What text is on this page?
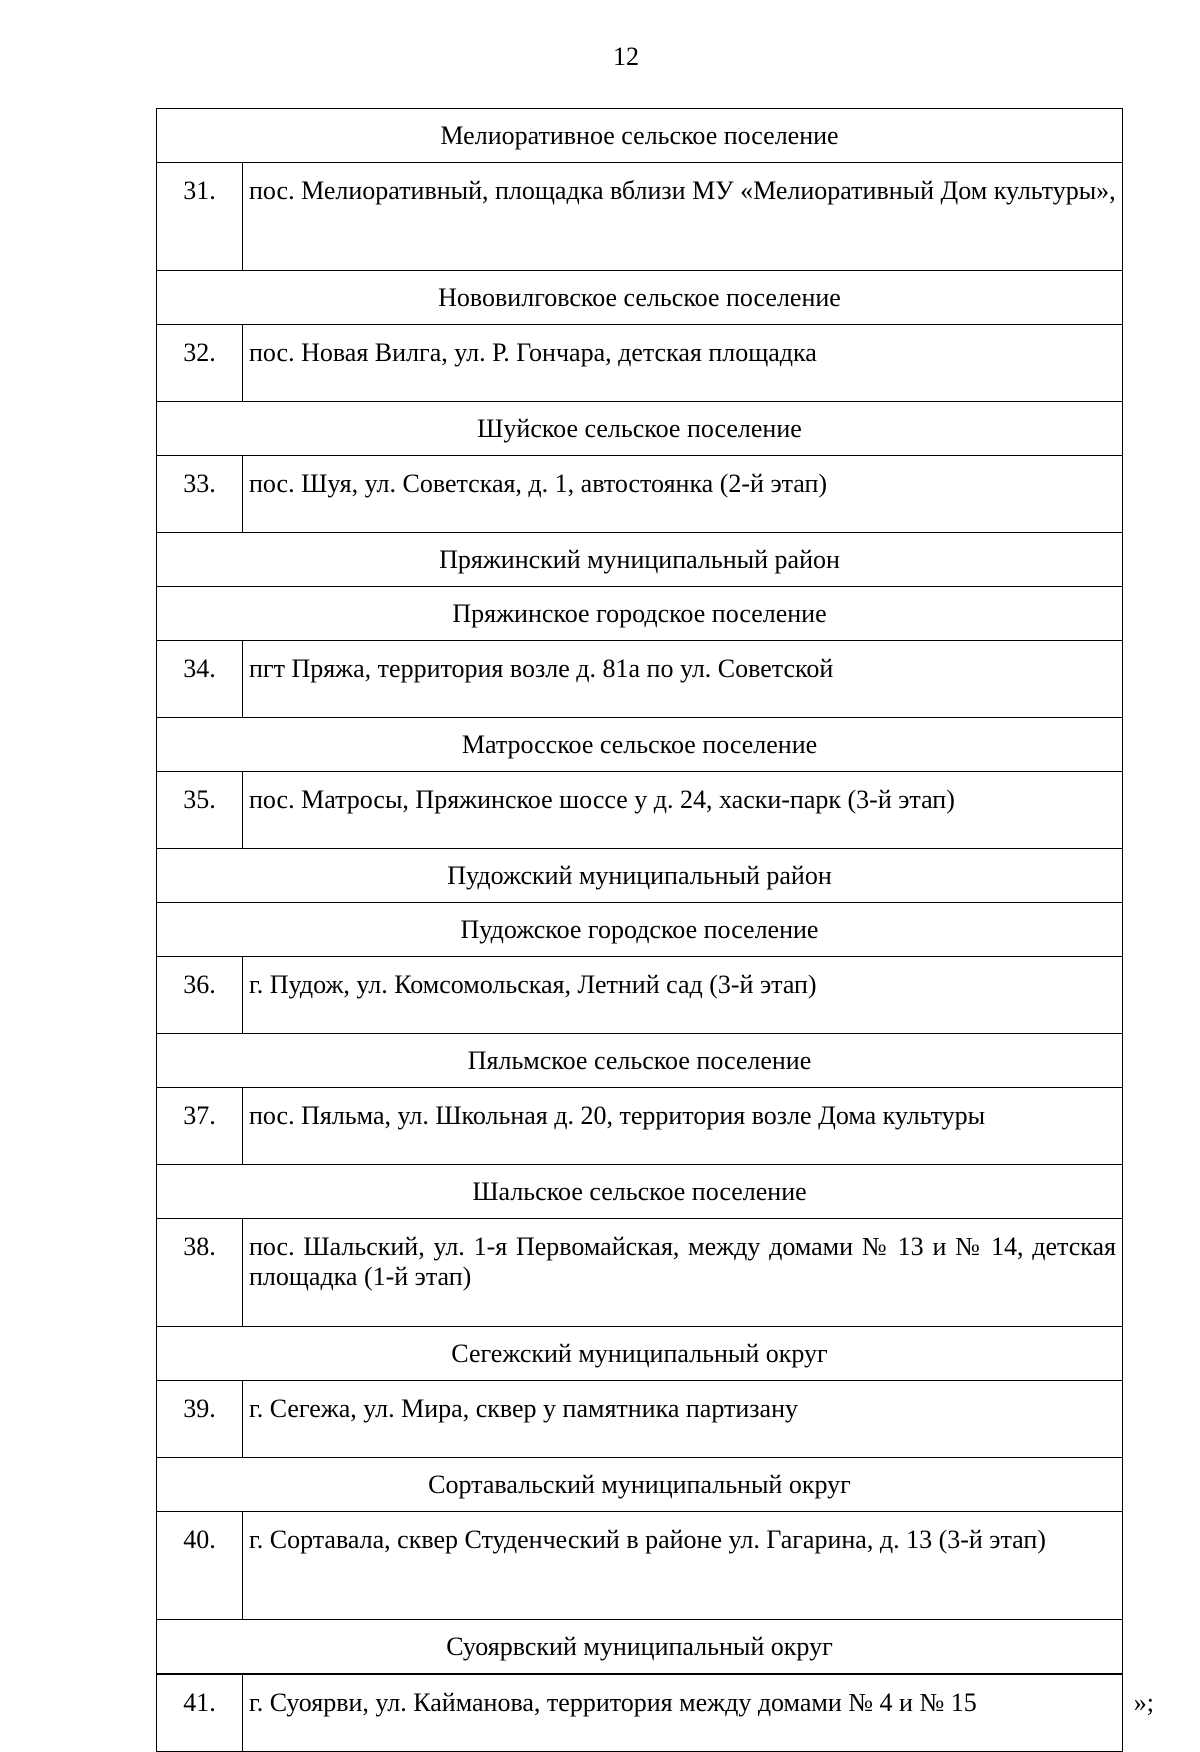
12
Мелиоративное сельское поселение	
31.	пос. Мелиоративный, площадка вблизи МУ «Мелиоративный Дом культуры»,
Нововилговское сельское поселение	
32.	пос. Новая Вилга, ул. Р. Гончара, детская площадка
Шуйское сельское поселение	
33.	пос. Шуя, ул. Советская, д. 1, автостоянка (2-й этап)
Пряжинский муниципальный район	
Пряжинское городское поселение	
34.	пгт Пряжа, территория возле д. 81а по ул. Советской
Матросское сельское поселение	
35.	пос. Матросы, Пряжинское шоссе у д. 24, хаски-парк (3-й этап)
Пудожский муниципальный район	
Пудожское городское поселение	
36.	г. Пудож, ул. Комсомольская, Летний сад (3-й этап)
Пяльмское сельское поселение	
37.	пос. Пяльма, ул. Школьная д. 20, территория возле Дома культуры
Шальское сельское поселение	
38.	пос. Шальский, ул. 1-я Первомайская, между домами № 13 и № 14, детская площадка (1-й этап)
Сегежский муниципальный округ	
39.	г. Сегежа, ул. Мира, сквер у памятника партизану
Сортавальский муниципальный округ	
40.	г. Сортавала, сквер Студенческий в районе ул. Гагарина, д. 13 (3-й этап)
Суоярвский муниципальный округ	
41.	г. Суоярви, ул. Кайманова, территория между домами № 4 и № 15 »;
